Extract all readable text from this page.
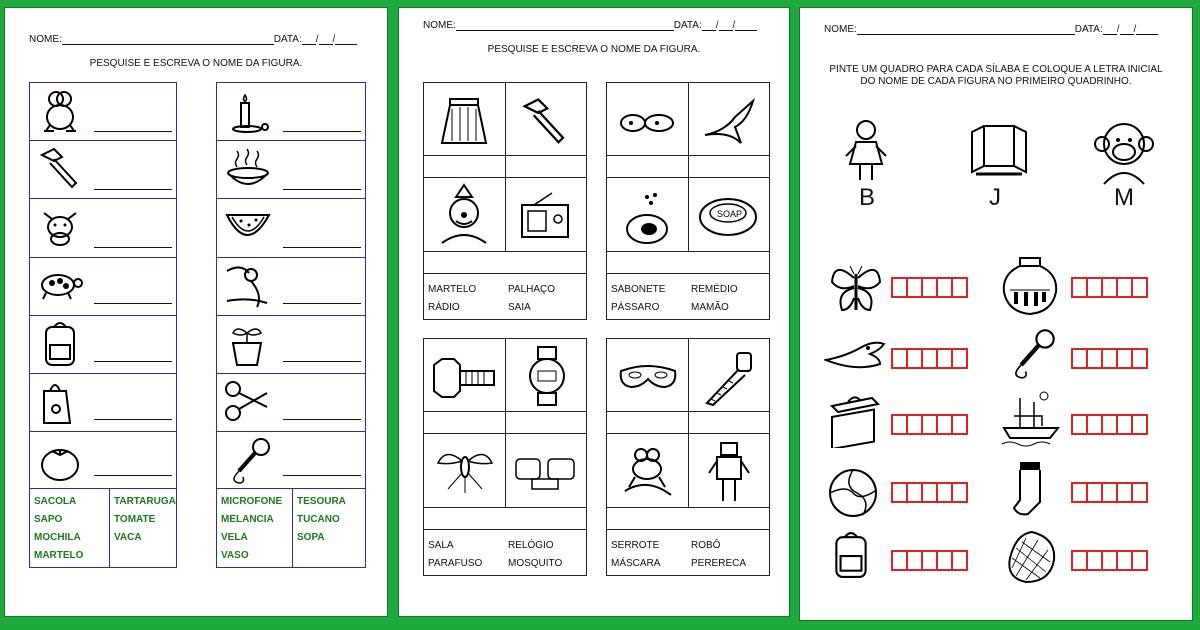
NOME:	DATA: / /
PESQUISE E ESCREVA O NOME DA FIGURA.
SACOLA
SAPO
MOCHILA
MARTELO
TARTARUGA
TOMATE
VACA
MICROFONE
MELANCIA
VELA
VASO
TESOURA
TUCANO
SOPA
NOME:	DATA: / /
PESQUISE E ESCREVA O NOME DA FIGURA.
MARTELO	PALHAÇO
RÁDIO	SAIA
SOAP
SABONETE	REMÉDIO
PÁSSARO	MAMÃO
SALA	RELÓGIO
PARAFUSO	MOSQUITO
SERROTE	ROBÔ
MÁSCARA	PERERECA
NOME:	DATA: / /
PINTE UM QUADRO PARA CADA SÍLABA E COLOQUE A LETRA INICIAL
DO NOME DE CADA FIGURA NO PRIMEIRO QUADRINHO.
B	J	M
